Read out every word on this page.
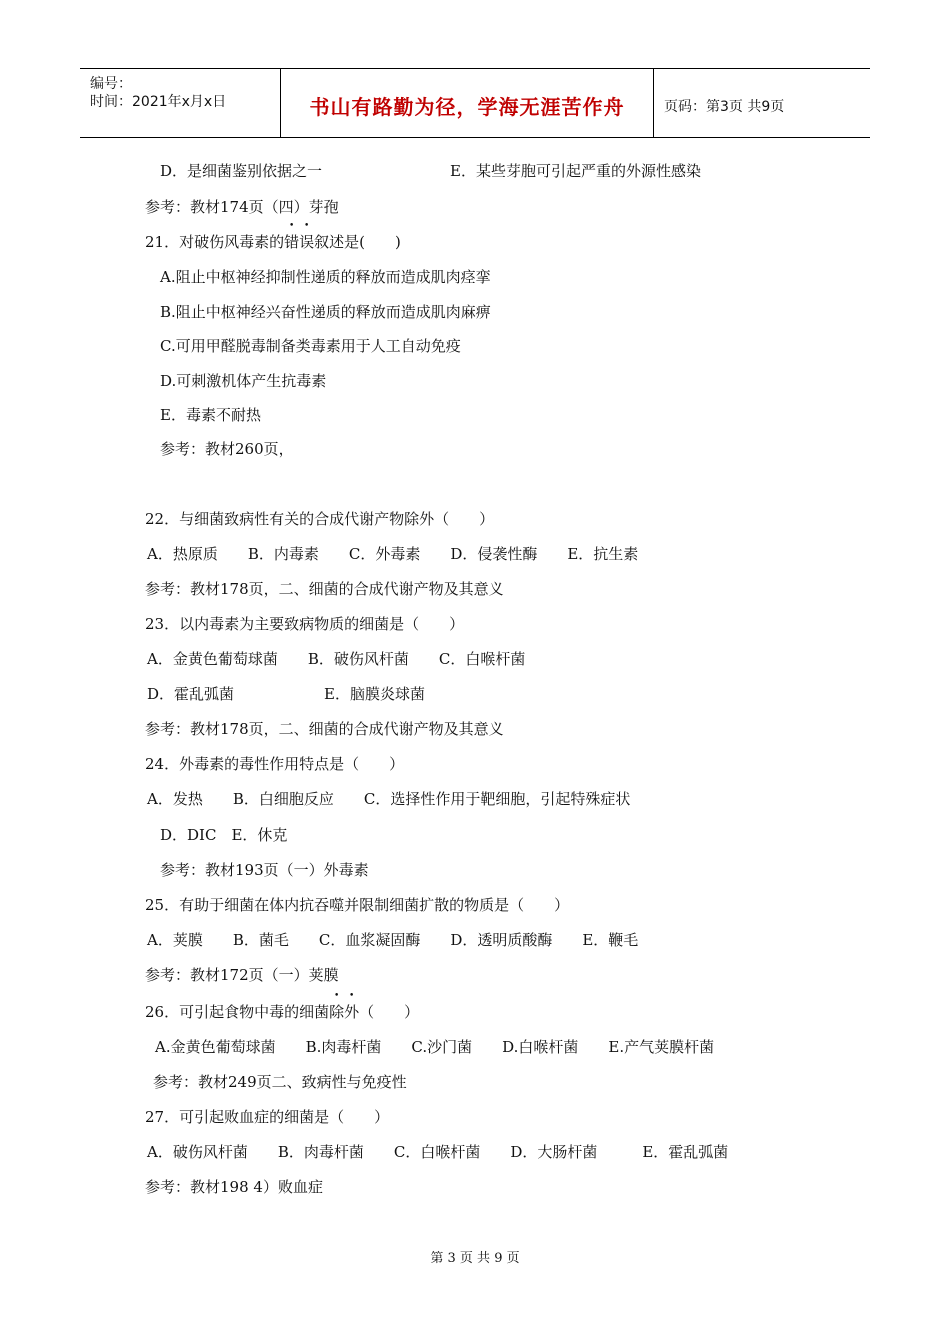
编号：
时间：2021年x月x日	书山有路勤为径，学海无涯苦作舟	页码：第3页 共9页
D．是细菌鉴别依据之一	E．某些芽胞可引起严重的外源性感染
参考：教材174页（四）芽孢
21．对破伤风毒素的错误叙述是(　　)
A.阻止中枢神经抑制性递质的释放而造成肌肉痉挛
B.阻止中枢神经兴奋性递质的释放而造成肌肉麻痹
C.可用甲醛脱毒制备类毒素用于人工自动免疫
D.可刺激机体产生抗毒素
E．毒素不耐热
参考：教材260页，
22．与细菌致病性有关的合成代谢产物除外（　　）
A．热原质　　B．内毒素　　C．外毒素　　D．侵袭性酶　　E．抗生素
参考：教材178页，二、细菌的合成代谢产物及其意义
23．以内毒素为主要致病物质的细菌是（　　）
A．金黄色葡萄球菌　　B．破伤风杆菌　　C．白喉杆菌
D．霍乱弧菌　　　　　　E．脑膜炎球菌
参考：教材178页，二、细菌的合成代谢产物及其意义
24．外毒素的毒性作用特点是（　　）
A．发热　　B．白细胞反应　　C．选择性作用于靶细胞，引起特殊症状
D．DIC　E．休克
参考：教材193页（一）外毒素
25．有助于细菌在体内抗吞噬并限制细菌扩散的物质是（　　）
A．荚膜　　B．菌毛　　C．血浆凝固酶　　D．透明质酸酶　　E．鞭毛
参考：教材172页（一）荚膜
26．可引起食物中毒的细菌除外（　　）
A.金黄色葡萄球菌　　B.肉毒杆菌　　C.沙门菌　　D.白喉杆菌　　E.产气荚膜杆菌
参考：教材249页二、致病性与免疫性
27．可引起败血症的细菌是（　　）
A．破伤风杆菌　　B．肉毒杆菌　　C．白喉杆菌　　D．大肠杆菌　　　E．霍乱弧菌
参考：教材198 4）败血症
第 3 页 共 9 页
